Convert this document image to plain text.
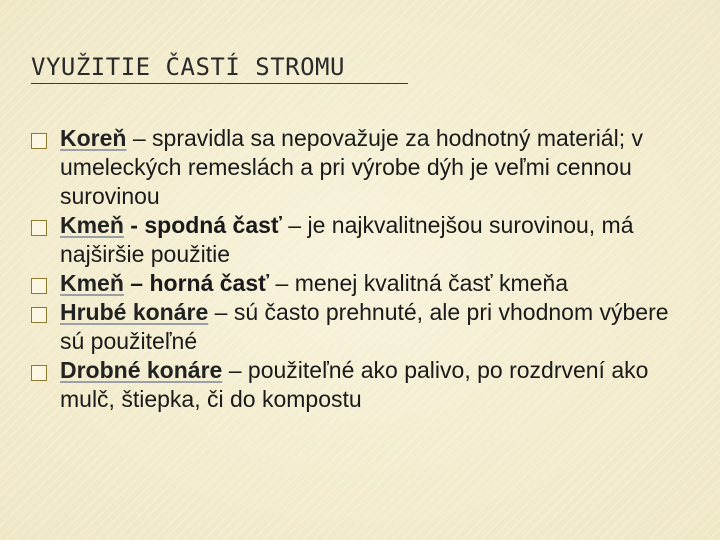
VYUŽITIE ČASTÍ STROMU
Koreň – spravidla sa nepovažuje za hodnotný materiál; v umeleckých remeslách a pri výrobe dýh je veľmi cennou surovinou
Kmeň - spodná časť – je najkvalitnejšou surovinou, má najširšie použitie
Kmeň – horná časť – menej kvalitná časť kmeňa
Hrubé konáre – sú často prehnuté, ale pri vhodnom výbere sú použiteľné
Drobné konáre – použiteľné ako palivo, po rozdrvení ako mulč, štiepka, či do kompostu
